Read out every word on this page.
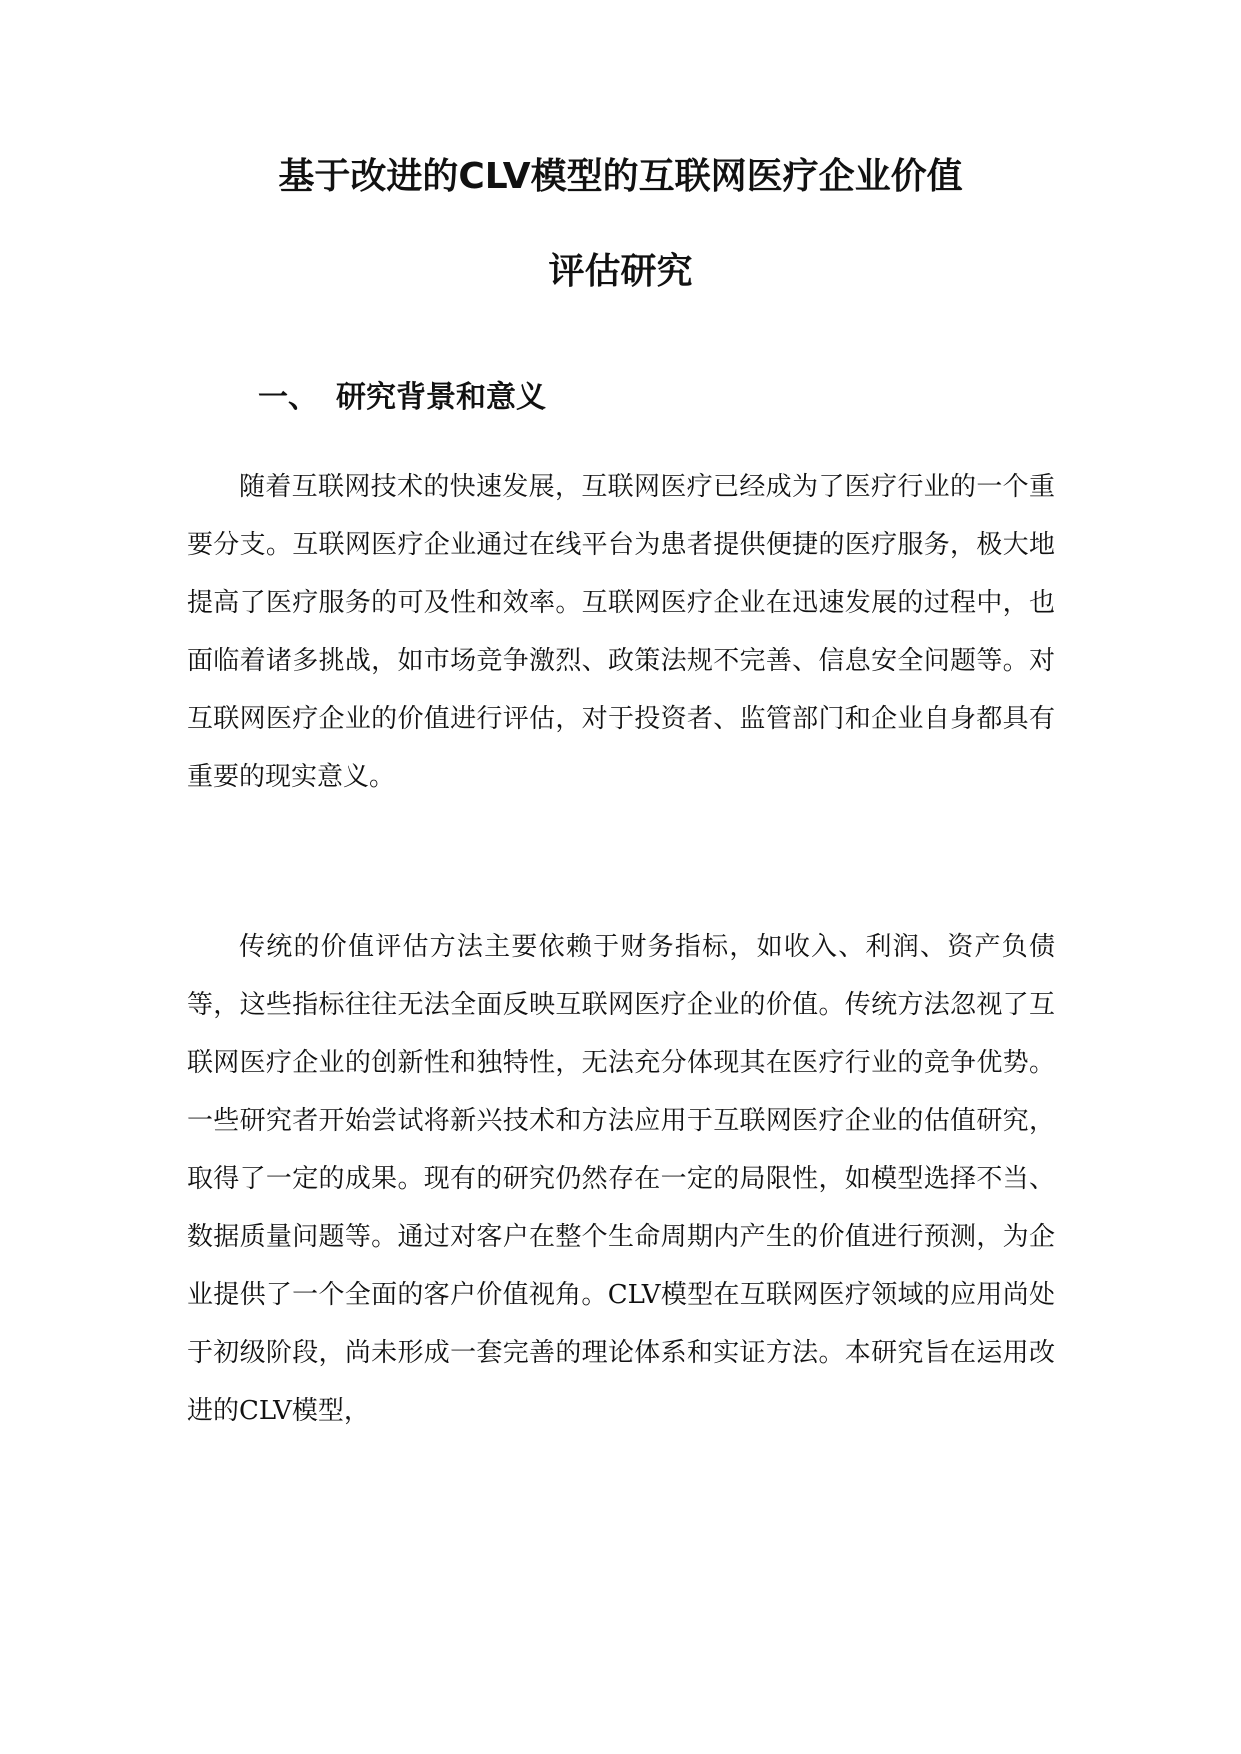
基于改进的CLV模型的互联网医疗企业价值
评估研究
一、 研究背景和意义

随着互联网技术的快速发展，互联网医疗已经成为了医疗行业的一个重要分支。互联网医疗企业通过在线平台为患者提供便捷的医疗服务，极大地提高了医疗服务的可及性和效率。互联网医疗企业在迅速发展的过程中，也面临着诸多挑战，如市场竞争激烈、政策法规不完善、信息安全问题等。对互联网医疗企业的价值进行评估，对于投资者、监管部门和企业自身都具有重要的现实意义。

传统的价值评估方法主要依赖于财务指标，如收入、利润、资产负债等，这些指标往往无法全面反映互联网医疗企业的价值。传统方法忽视了互联网医疗企业的创新性和独特性，无法充分体现其在医疗行业的竞争优势。一些研究者开始尝试将新兴技术和方法应用于互联网医疗企业的估值研究，取得了一定的成果。现有的研究仍然存在一定的局限性，如模型选择不当、数据质量问题等。通过对客户在整个生命周期内产生的价值进行预测，为企业提供了一个全面的客户价值视角。CLV模型在互联网医疗领域的应用尚处于初级阶段，尚未形成一套完善的理论体系和实证方法。本研究旨在运用改进的CLV模型，
